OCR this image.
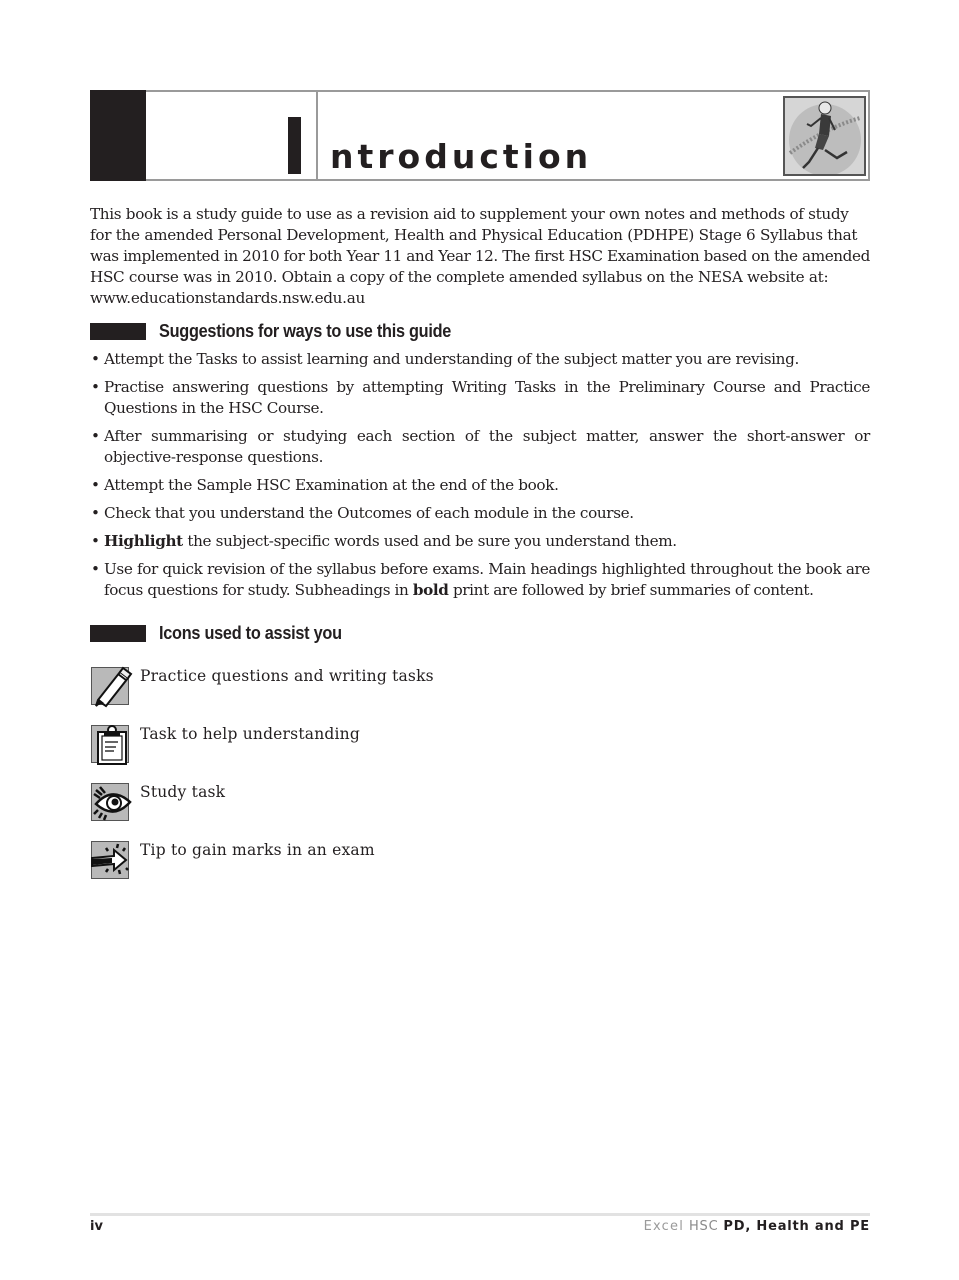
ntroduction
This book is a study guide to use as a revision aid to supplement your own notes and methods of study
for the amended Personal Development, Health and Physical Education (PDHPE) Stage 6 Syllabus that
was implemented in 2010 for both Year 11 and Year 12. The first HSC Examination based on the amended
HSC course was in 2010. Obtain a copy of the complete amended syllabus on the NESA website at:
www.educationstandards.nsw.edu.au
Suggestions for ways to use this guide
• Attempt the Tasks to assist learning and understanding of the subject matter you are revising.
• Practise answering questions by attempting Writing Tasks in the Preliminary Course and Practice Questions in the HSC Course.
• After summarising or studying each section of the subject matter, answer the short-answer or objective-response questions.
• Attempt the Sample HSC Examination at the end of the book.
• Check that you understand the Outcomes of each module in the course.
• Highlight the subject-specific words used and be sure you understand them.
• Use for quick revision of the syllabus before exams. Main headings highlighted throughout the book are focus questions for study. Subheadings in bold print are followed by brief summaries of content.
Icons used to assist you
Practice questions and writing tasks
Task to help understanding
Study task
Tip to gain marks in an exam
iv	Excel HSC PD, Health and PE
